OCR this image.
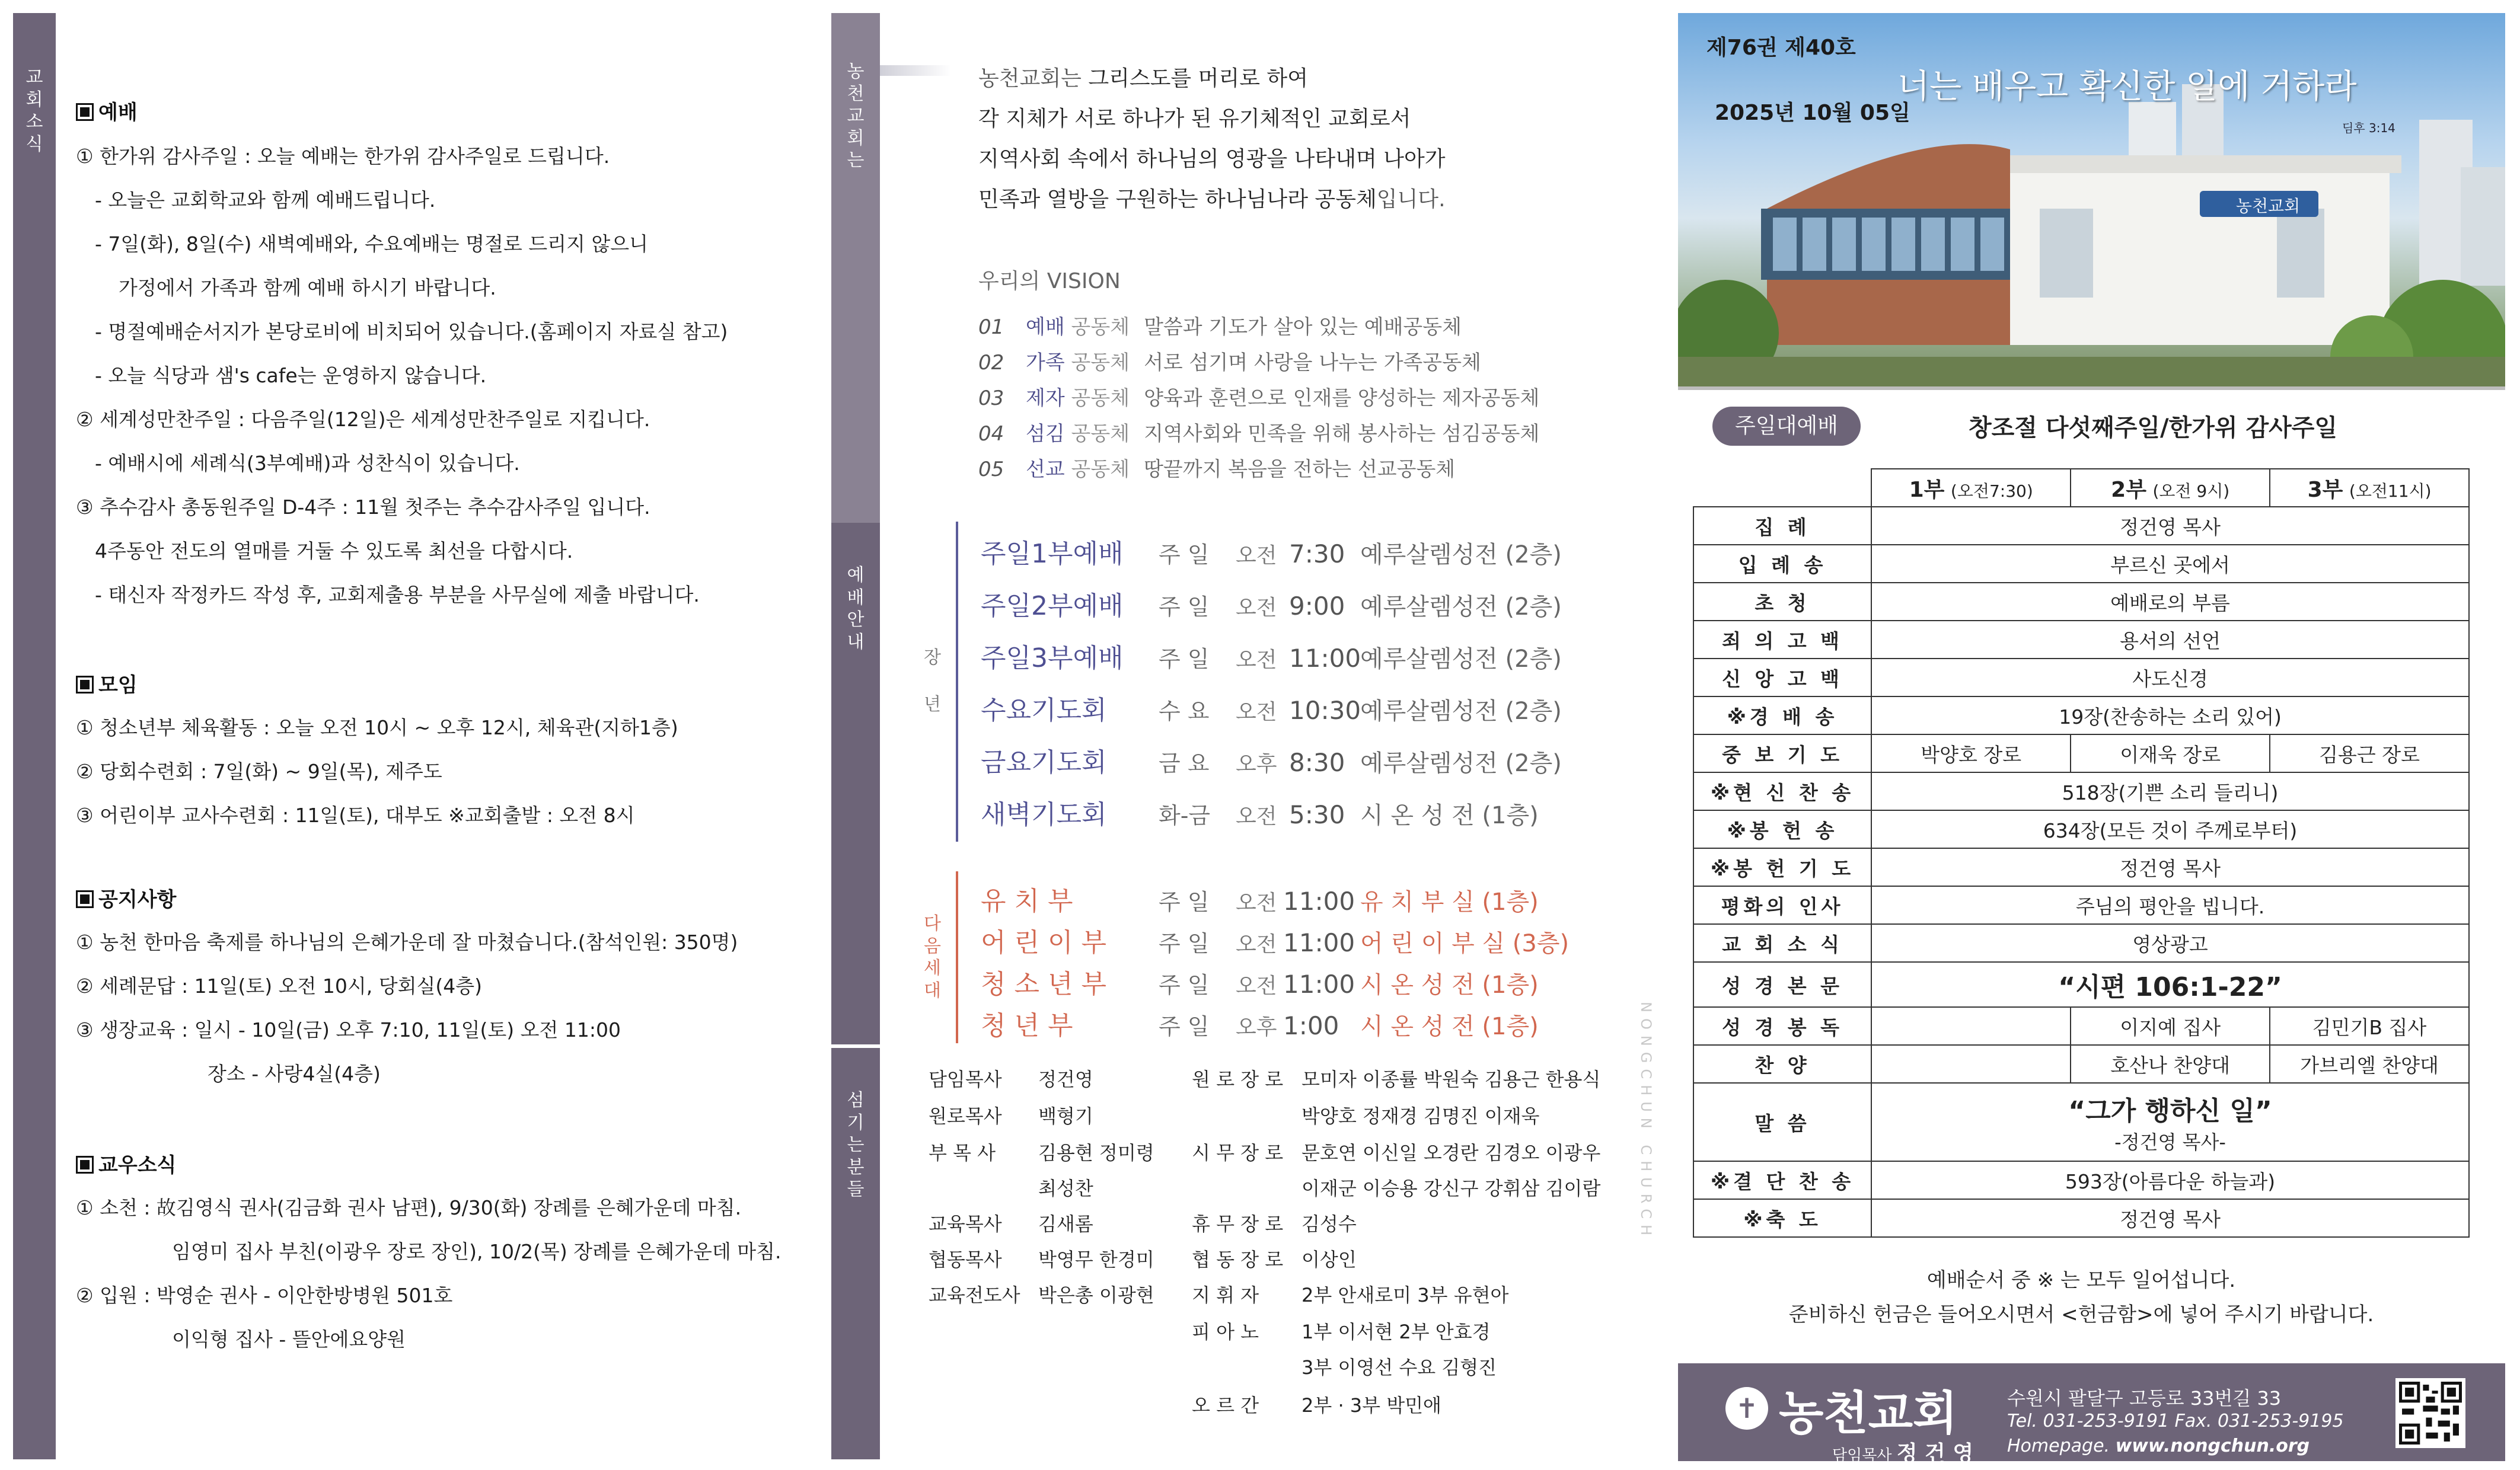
교
회
소
식
예배
① 한가위 감사주일 : 오늘 예배는 한가위 감사주일로 드립니다.
- 오늘은 교회학교와 함께 예배드립니다.
- 7일(화), 8일(수) 새벽예배와, 수요예배는 명절로 드리지 않으니
가정에서 가족과 함께 예배 하시기 바랍니다.
- 명절예배순서지가 본당로비에 비치되어 있습니다.(홈페이지 자료실 참고)
- 오늘 식당과 샘's cafe는 운영하지 않습니다.
② 세계성만찬주일 : 다음주일(12일)은 세계성만찬주일로 지킵니다.
- 예배시에 세례식(3부예배)과 성찬식이 있습니다.
③ 추수감사 총동원주일 D-4주 : 11월 첫주는 추수감사주일 입니다.
4주동안 전도의 열매를 거둘 수 있도록 최선을 다합시다.
- 태신자 작정카드 작성 후, 교회제출용 부분을 사무실에 제출 바랍니다.
모임
① 청소년부 체육활동 : 오늘 오전 10시 ~ 오후 12시, 체육관(지하1층)
② 당회수련회 : 7일(화) ~ 9일(목), 제주도
③ 어린이부 교사수련회 : 11일(토), 대부도 ※교회출발 : 오전 8시
공지사항
① 농천 한마음 축제를 하나님의 은혜가운데 잘 마쳤습니다.(참석인원: 350명)
② 세례문답 : 11일(토) 오전 10시, 당회실(4층)
③ 생장교육 : 일시 - 10일(금) 오후 7:10, 11일(토) 오전 11:00
장소 - 사랑4실(4층)
교우소식
① 소천 : 故김영식 권사(김금화 권사 남편), 9/30(화) 장례를 은혜가운데 마침.
임영미 집사 부친(이광우 장로 장인), 10/2(목) 장례를 은혜가운데 마침.
② 입원 : 박영순 권사 - 이안한방병원 501호
이익형 집사 - 뜰안에요양원
농
천
교
회
는
예
배
안
내
섬
기
는
분
들
농천교회는 그리스도를 머리로 하여
각 지체가 서로 하나가 된 유기체적인 교회로서
지역사회 속에서 하나님의 영광을 나타내며 나아가
민족과 열방을 구원하는 하나님나라 공동체입니다.
우리의 VISION
01 예배 공동체 말씀과 기도가 살아 있는 예배공동체
02 가족 공동체 서로 섬기며 사랑을 나누는 가족공동체
03 제자 공동체 양육과 훈련으로 인재를 양성하는 제자공동체
04 섬김 공동체 지역사회와 민족을 위해 봉사하는 섬김공동체
05 선교 공동체 땅끝까지 복음을 전하는 선교공동체
장
년
주일1부예배 주 일 오전 7:30 예루살렘성전 (2층)
주일2부예배 주 일 오전 9:00 예루살렘성전 (2층)
주일3부예배 주 일 오전 11:00예루살렘성전 (2층)
수요기도회 수 요 오전 10:30예루살렘성전 (2층)
금요기도회 금 요 오후 8:30 예루살렘성전 (2층)
새벽기도회 화-금 오전 5:30 시 온 성 전 (1층)
다
음
세
대
유 치 부	주 일 오전 11:00 유 치 부 실 (1층)
어 린 이 부 주 일 오전 11:00 어 린 이 부 실 (3층)
청 소 년 부 주 일 오전 11:00 시 온 성 전 (1층)
청 년 부	주 일 오후 1:00 시 온 성 전 (1층)
담임목사 정건영
원로목사 백형기
부 목 사 김용현 정미령
최성찬
교육목사 김새롬
협동목사 박영무 한경미
교육전도사 박은총 이광현
원 로 장 로 모미자 이종률 박원숙 김용근 한용식
박양호 정재경 김명진 이재욱
시 무 장 로 문호연 이신일 오경란 김경오 이광우
이재군 이승용 강신구 강휘삼 김이람
휴 무 장 로 김성수
협 동 장 로 이상인
지 휘 자 2부 안새로미 3부 유현아
피 아 노 1부 이서현 2부 안효경
3부 이영선 수요 김형진
오 르 간 2부 · 3부 박민애
NONGCHUN CHURCH
제76권 제40호
2025년 10월 05일
너는 배우고 확신한 일에 거하라
딤후 3:14
농천교회
주일대예배	창조절 다섯째주일/한가위 감사주일
	1부 (오전7:30)	2부 (오전 9시)	3부 (오전11시)
집 례	정건영 목사		
입 례 송	부르신 곳에서		
초 청	예배로의 부름		
죄 의 고 백	용서의 선언		
신 앙 고 백	사도신경		
※경 배 송	19장(찬송하는 소리 있어)		
중 보 기 도	박양호 장로	이재욱 장로	김용근 장로
※현 신 찬 송	518장(기쁜 소리 들리니)		
※봉 헌 송	634장(모든 것이 주께로부터)		
※봉 헌 기 도	정건영 목사		
평화의 인사	주님의 평안을 빕니다.		
교 회 소 식	영상광고		
성 경 본 문	“시편 106:1-22”		
성 경 봉 독		이지예 집사	김민기B 집사
찬 양		호산나 찬양대	가브리엘 찬양대
말 씀	“그가 행하신 일”
-정건영 목사-		

※결 단 찬 송	593장(아름다운 하늘과)		
※축 도	정건영 목사		
예배순서 중 ※ 는 모두 일어섭니다.
준비하신 헌금은 들어오시면서 <헌금함>에 넣어 주시기 바랍니다.
✝ 농천교회
담임목사 정 건 영
수원시 팔달구 고등로 33번길 33
Tel. 031-253-9191 Fax. 031-253-9195
Homepage. www.nongchun.org
